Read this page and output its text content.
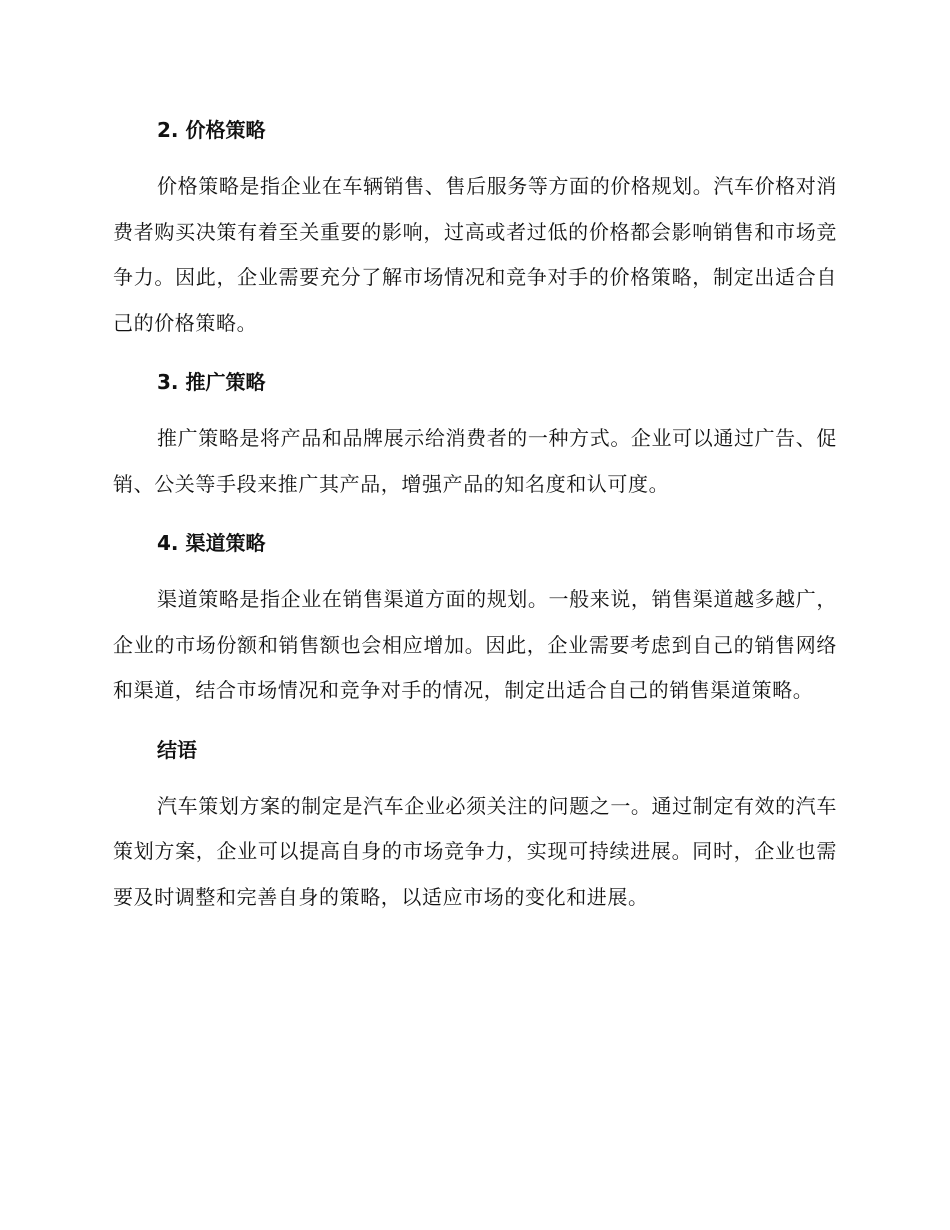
2. 价格策略

价格策略是指企业在车辆销售、售后服务等方面的价格规划。汽车价格对消费者购买决策有着至关重要的影响，过高或者过低的价格都会影响销售和市场竞争力。因此，企业需要充分了解市场情况和竞争对手的价格策略，制定出适合自己的价格策略。

3. 推广策略

推广策略是将产品和品牌展示给消费者的一种方式。企业可以通过广告、促销、公关等手段来推广其产品，增强产品的知名度和认可度。

4. 渠道策略

渠道策略是指企业在销售渠道方面的规划。一般来说，销售渠道越多越广，企业的市场份额和销售额也会相应增加。因此，企业需要考虑到自己的销售网络和渠道，结合市场情况和竞争对手的情况，制定出适合自己的销售渠道策略。

结语

汽车策划方案的制定是汽车企业必须关注的问题之一。通过制定有效的汽车策划方案，企业可以提高自身的市场竞争力，实现可持续进展。同时，企业也需要及时调整和完善自身的策略，以适应市场的变化和进展。
